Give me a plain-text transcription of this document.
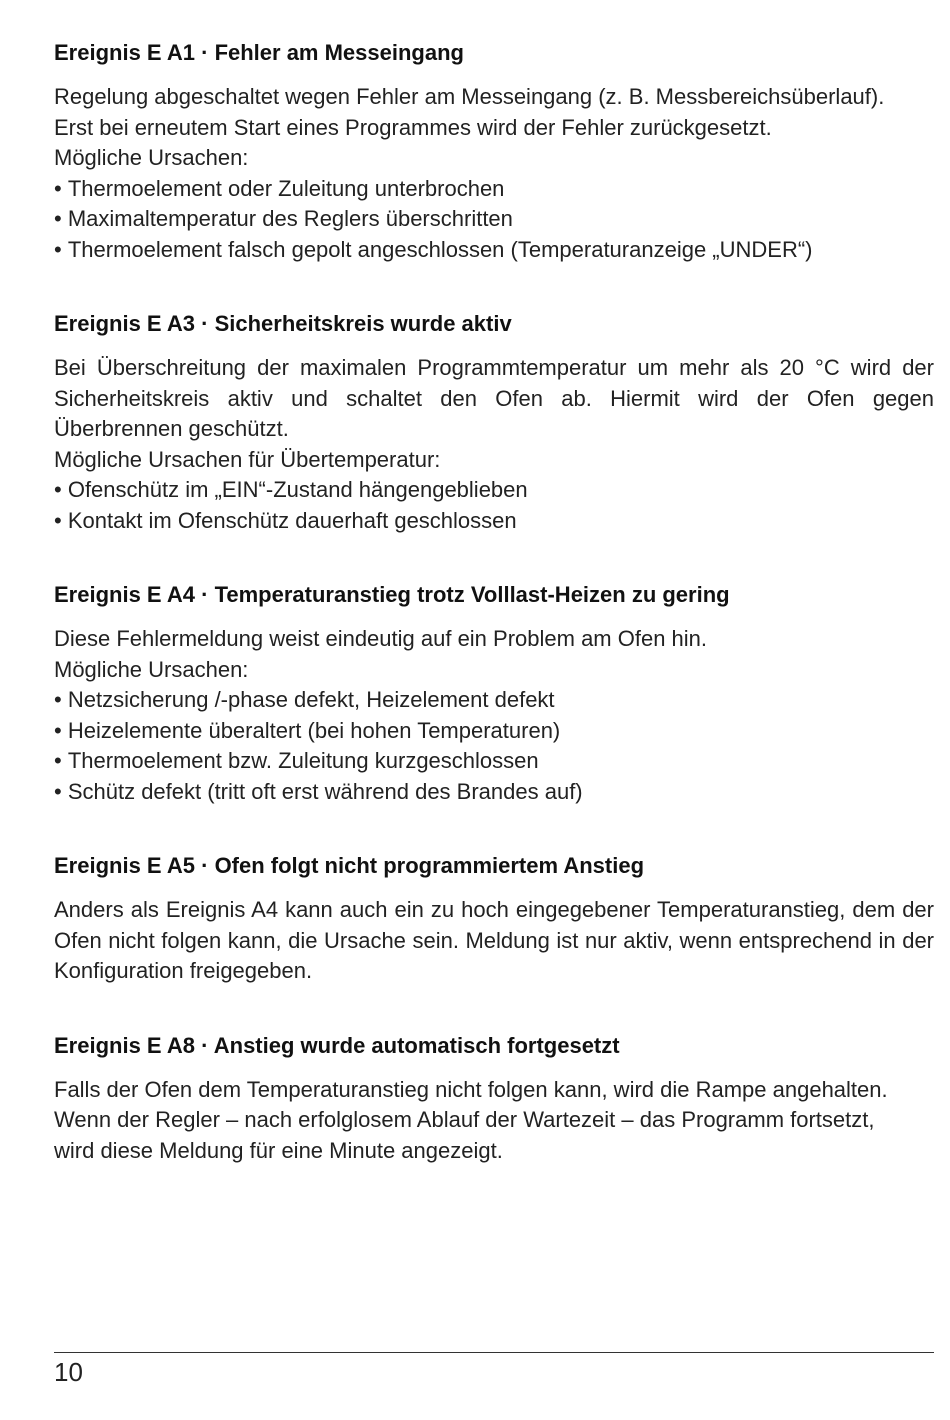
Ereignis E A1 · Fehler am Messeingang

Regelung abgeschaltet wegen Fehler am Messeingang (z. B. Messbereichsüberlauf).
Erst bei erneutem Start eines Programmes wird der Fehler zurückgesetzt.
Mögliche Ursachen:

• Thermoelement oder Zuleitung unterbrochen
• Maximaltemperatur des Reglers überschritten
• Thermoelement falsch gepolt angeschlossen (Temperaturanzeige „UNDER“)
Ereignis E A3 · Sicherheitskreis wurde aktiv

Bei Überschreitung der maximalen Programmtemperatur um mehr als 20 °C wird der Sicherheitskreis aktiv und schaltet den Ofen ab. Hiermit wird der Ofen gegen Überbrennen geschützt.

Mögliche Ursachen für Übertemperatur:

• Ofenschütz im „EIN“-Zustand hängengeblieben
• Kontakt im Ofenschütz dauerhaft geschlossen
Ereignis E A4 · Temperaturanstieg trotz Volllast-Heizen zu gering

Diese Fehlermeldung weist eindeutig auf ein Problem am Ofen hin.
Mögliche Ursachen:

• Netzsicherung /-phase defekt, Heizelement defekt
• Heizelemente überaltert (bei hohen Temperaturen)
• Thermoelement bzw. Zuleitung kurzgeschlossen
• Schütz defekt (tritt oft erst während des Brandes auf)
Ereignis E A5 · Ofen folgt nicht programmiertem Anstieg

Anders als Ereignis A4 kann auch ein zu hoch eingegebener Temperaturanstieg, dem der Ofen nicht folgen kann, die Ursache sein. Meldung ist nur aktiv, wenn entsprechend in der Konfiguration freigegeben.

Ereignis E A8 · Anstieg wurde automatisch fortgesetzt

Falls der Ofen dem Temperaturanstieg nicht folgen kann, wird die Rampe angehalten.
Wenn der Regler – nach erfolglosem Ablauf der Wartezeit – das Programm fortsetzt,
wird diese Meldung für eine Minute angezeigt.

10
